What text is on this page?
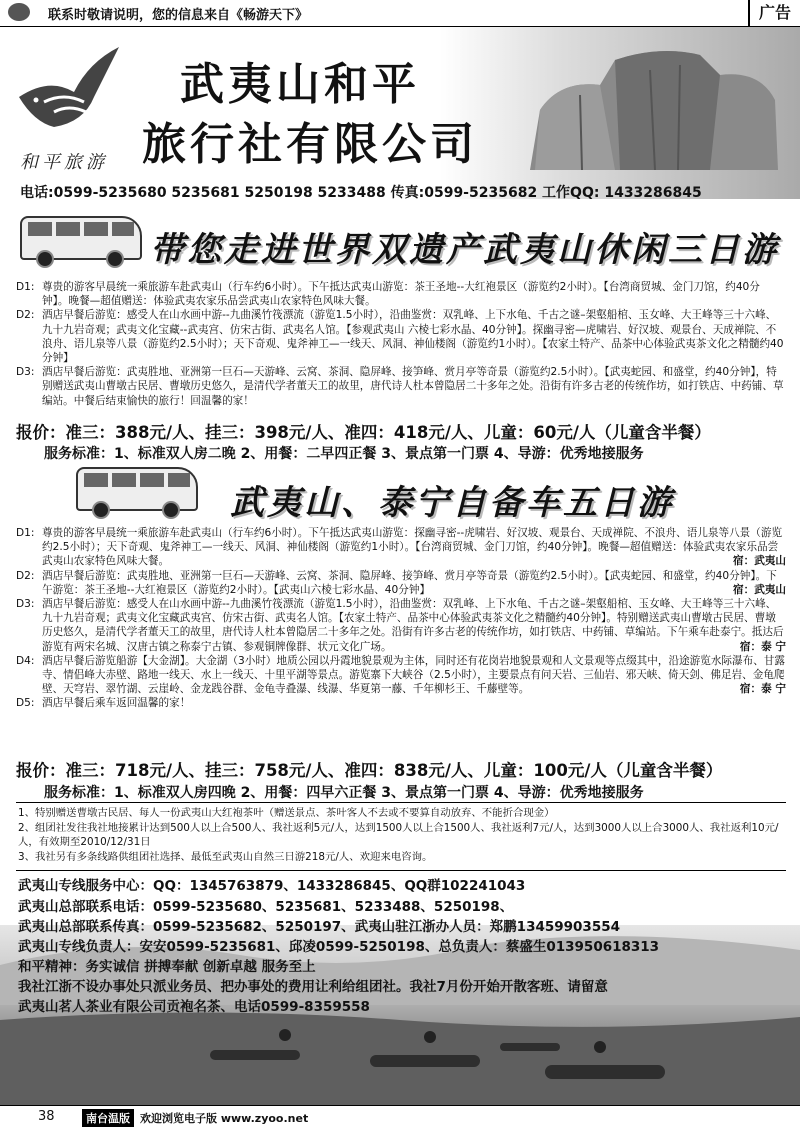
联系时敬请说明，您的信息来自《畅游天下》	广告
和平旅游
武夷山和平
旅行社有限公司
电话:0599-5235680 5235681 5250198 5233488 传真:0599-5235682 工作QQ: 1433286845
带您走进世界双遗产武夷山休闲三日游
D1: 尊贵的游客早晨统一乘旅游车赴武夷山（行车约6小时）。下午抵达武夷山游览：茶王圣地--大红袍景区（游览约2小时）。【台湾商贸城、金门刀馆，约40分钟】。晚餐—超值赠送：体验武夷农家乐品尝武夷山农家特色风味大餐。
D2: 酒店早餐后游览：感受人在山水画中游--九曲溪竹筏漂流（游览1.5小时），沿曲鉴赏：双乳峰、上下水龟、千古之谜–架壑船棺、玉女峰、大王峰等三十六峰、九十九岩奇观；武夷文化宝藏--武夷宫、仿宋古街、武夷名人馆。【参观武夷山 六棱七彩水晶、40分钟】。探幽寻密—虎啸岩、好汉坡、观景台、天成禅院、不浪舟、语儿泉等八景（游览约2.5小时）；天下奇观、鬼斧神工—一线天、风洞、神仙楼阁（游览约1小时）。【农家土特产、品茶中心体验武夷茶文化之精髓约40分钟】
D3: 酒店早餐后游览：武夷胜地、亚洲第一巨石—天游峰、云窝、茶洞、隐屏峰、接笋峰、赏月亭等奇景（游览约2.5小时）。【武夷蛇园、和盛堂，约40分钟】，特别赠送武夷山曹墩古民居、曹墩历史悠久，是清代学者董天工的故里，唐代诗人杜本曾隐居二十多年之处。沿街有许多古老的传统作坊，如打铁店、中药铺、草编站。中餐后结束愉快的旅行！回温馨的家！
报价：准三：388元/人、挂三：398元/人、准四：418元/人、儿童：60元/人（儿童含半餐）
服务标准：1、标准双人房二晚 2、用餐：二早四正餐 3、景点第一门票 4、导游：优秀地接服务
武夷山、泰宁自备车五日游
D1: 尊贵的游客早晨统一乘旅游车赴武夷山（行车约6小时）。下午抵达武夷山游览：探幽寻密--虎啸岩、好汉坡、观景台、天成禅院、不浪舟、语儿泉等八景（游览约2.5小时）；天下奇观、鬼斧神工—一线天、风洞、神仙楼阁（游览约1小时）。【台湾商贸城、金门刀馆，约40分钟】。晚餐—超值赠送：体验武夷农家乐品尝武夷山农家特色风味大餐。	宿：武夷山
D2: 酒店早餐后游览：武夷胜地、亚洲第一巨石—天游峰、云窝、茶洞、隐屏峰、接笋峰、赏月亭等奇景（游览约2.5小时）。【武夷蛇园、和盛堂，约40分钟】。下午游览：茶王圣地--大红袍景区（游览约2小时）。【武夷山六棱七彩水晶、40分钟】	宿：武夷山
D3: 酒店早餐后游览：感受人在山水画中游--九曲溪竹筏漂流（游览1.5小时），沿曲鉴赏：双乳峰、上下水龟、千古之谜–架壑船棺、玉女峰、大王峰等三十六峰、九十九岩奇观；武夷文化宝藏武夷宫、仿宋古街、武夷名人馆。【农家土特产、品茶中心体验武夷茶文化之精髓约40分钟】。特别赠送武夷山曹墩古民居、曹墩历史悠久，是清代学者董天工的故里，唐代诗人杜本曾隐居二十多年之处。沿街有许多古老的传统作坊，如打铁店、中药铺、草编站。下午乘车赴泰宁。抵达后游览有两宋名城、汉唐古镇之称泰宁古镇、参观铜牌像群、状元文化广场。	宿：泰 宁
D4: 酒店早餐后游览船游【大金湖】。大金湖（3小时）地质公园以丹霞地貌景观为主体，同时还有花岗岩地貌景观和人文景观等点缀其中，沿途游览水际瀑布、甘露寺、情侣峰大赤壁、路地一线天、水上一线天、十里平湖等景点。游览寨下大峡谷（2.5小时），主要景点有问天岩、三仙岩、邪天峡、倚天剑、佛足岩、金龟爬壁、天穹岩、翠竹湖、云崖岭、金龙践谷群、金龟寺叠瀑、线瀑、华夏第一藤、千年柳杉王、千藤壁等。	宿：泰 宁
D5: 酒店早餐后乘车返回温馨的家！
报价：准三：718元/人、挂三：758元/人、准四：838元/人、儿童：100元/人（儿童含半餐）
服务标准：1、标准双人房四晚 2、用餐：四早六正餐 3、景点第一门票 4、导游：优秀地接服务
1、特别赠送曹墩古民居、每人一份武夷山大红袍茶叶（赠送景点、茶叶客人不去或不要算自动放弃、不能折合现金）
2、组团社发往我社地接累计达到500人以上合500人、我社返利5元/人，达到1500人以上合1500人、我社返利7元/人，达到3000人以上合3000人、我社返利10元/人，有效期至2010/12/31日
3、我社另有多条线路供组团社选择、最低至武夷山自然三日游218元/人、欢迎来电咨询。
武夷山专线服务中心：QQ：1345763879、1433286845、QQ群102241043
武夷山总部联系电话：0599-5235680、5235681、5233488、5250198、
武夷山总部联系传真：0599-5235682、5250197、武夷山驻江浙办人员：郑鹏13459903554
武夷山专线负责人：安安0599-5235681、邱凌0599-5250198、总负责人：蔡盛生013950618313
和平精神：务实诚信 拼搏奉献 创新卓越 服务至上
我社江浙不设办事处只派业务员、把办事处的费用让利给组团社。我社7月份开始开散客班、请留意
武夷山茗人茶业有限公司贡袍名茶、电话0599-8359558
38	南台温版 欢迎浏览电子版 www.zyoo.net
